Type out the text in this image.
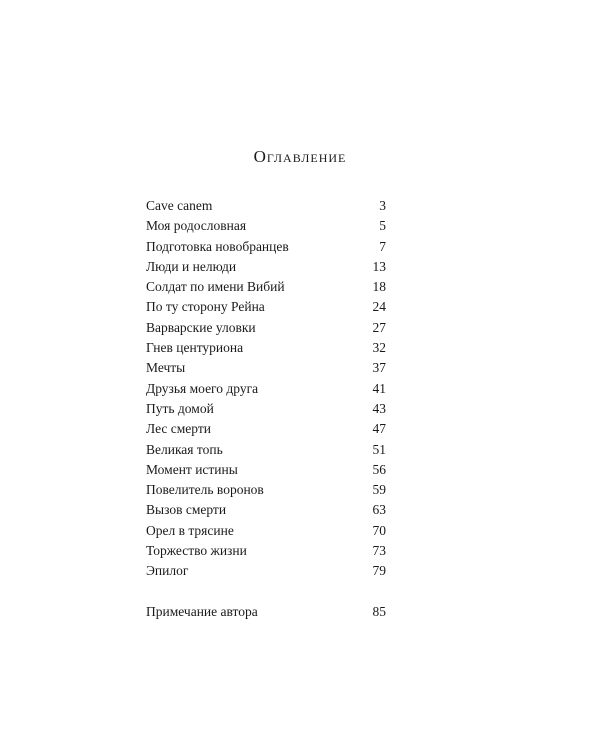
Оглавление
Cave canem	3
Моя родословная	5
Подготовка новобранцев	7
Люди и нелюди	13
Солдат по имени Вибий	18
По ту сторону Рейна	24
Варварские уловки	27
Гнев центуриона	32
Мечты	37
Друзья моего друга	41
Путь домой	43
Лес смерти	47
Великая топь	51
Момент истины	56
Повелитель воронов	59
Вызов смерти	63
Орел в трясине	70
Торжество жизни	73
Эпилог	79
Примечание автора	85
